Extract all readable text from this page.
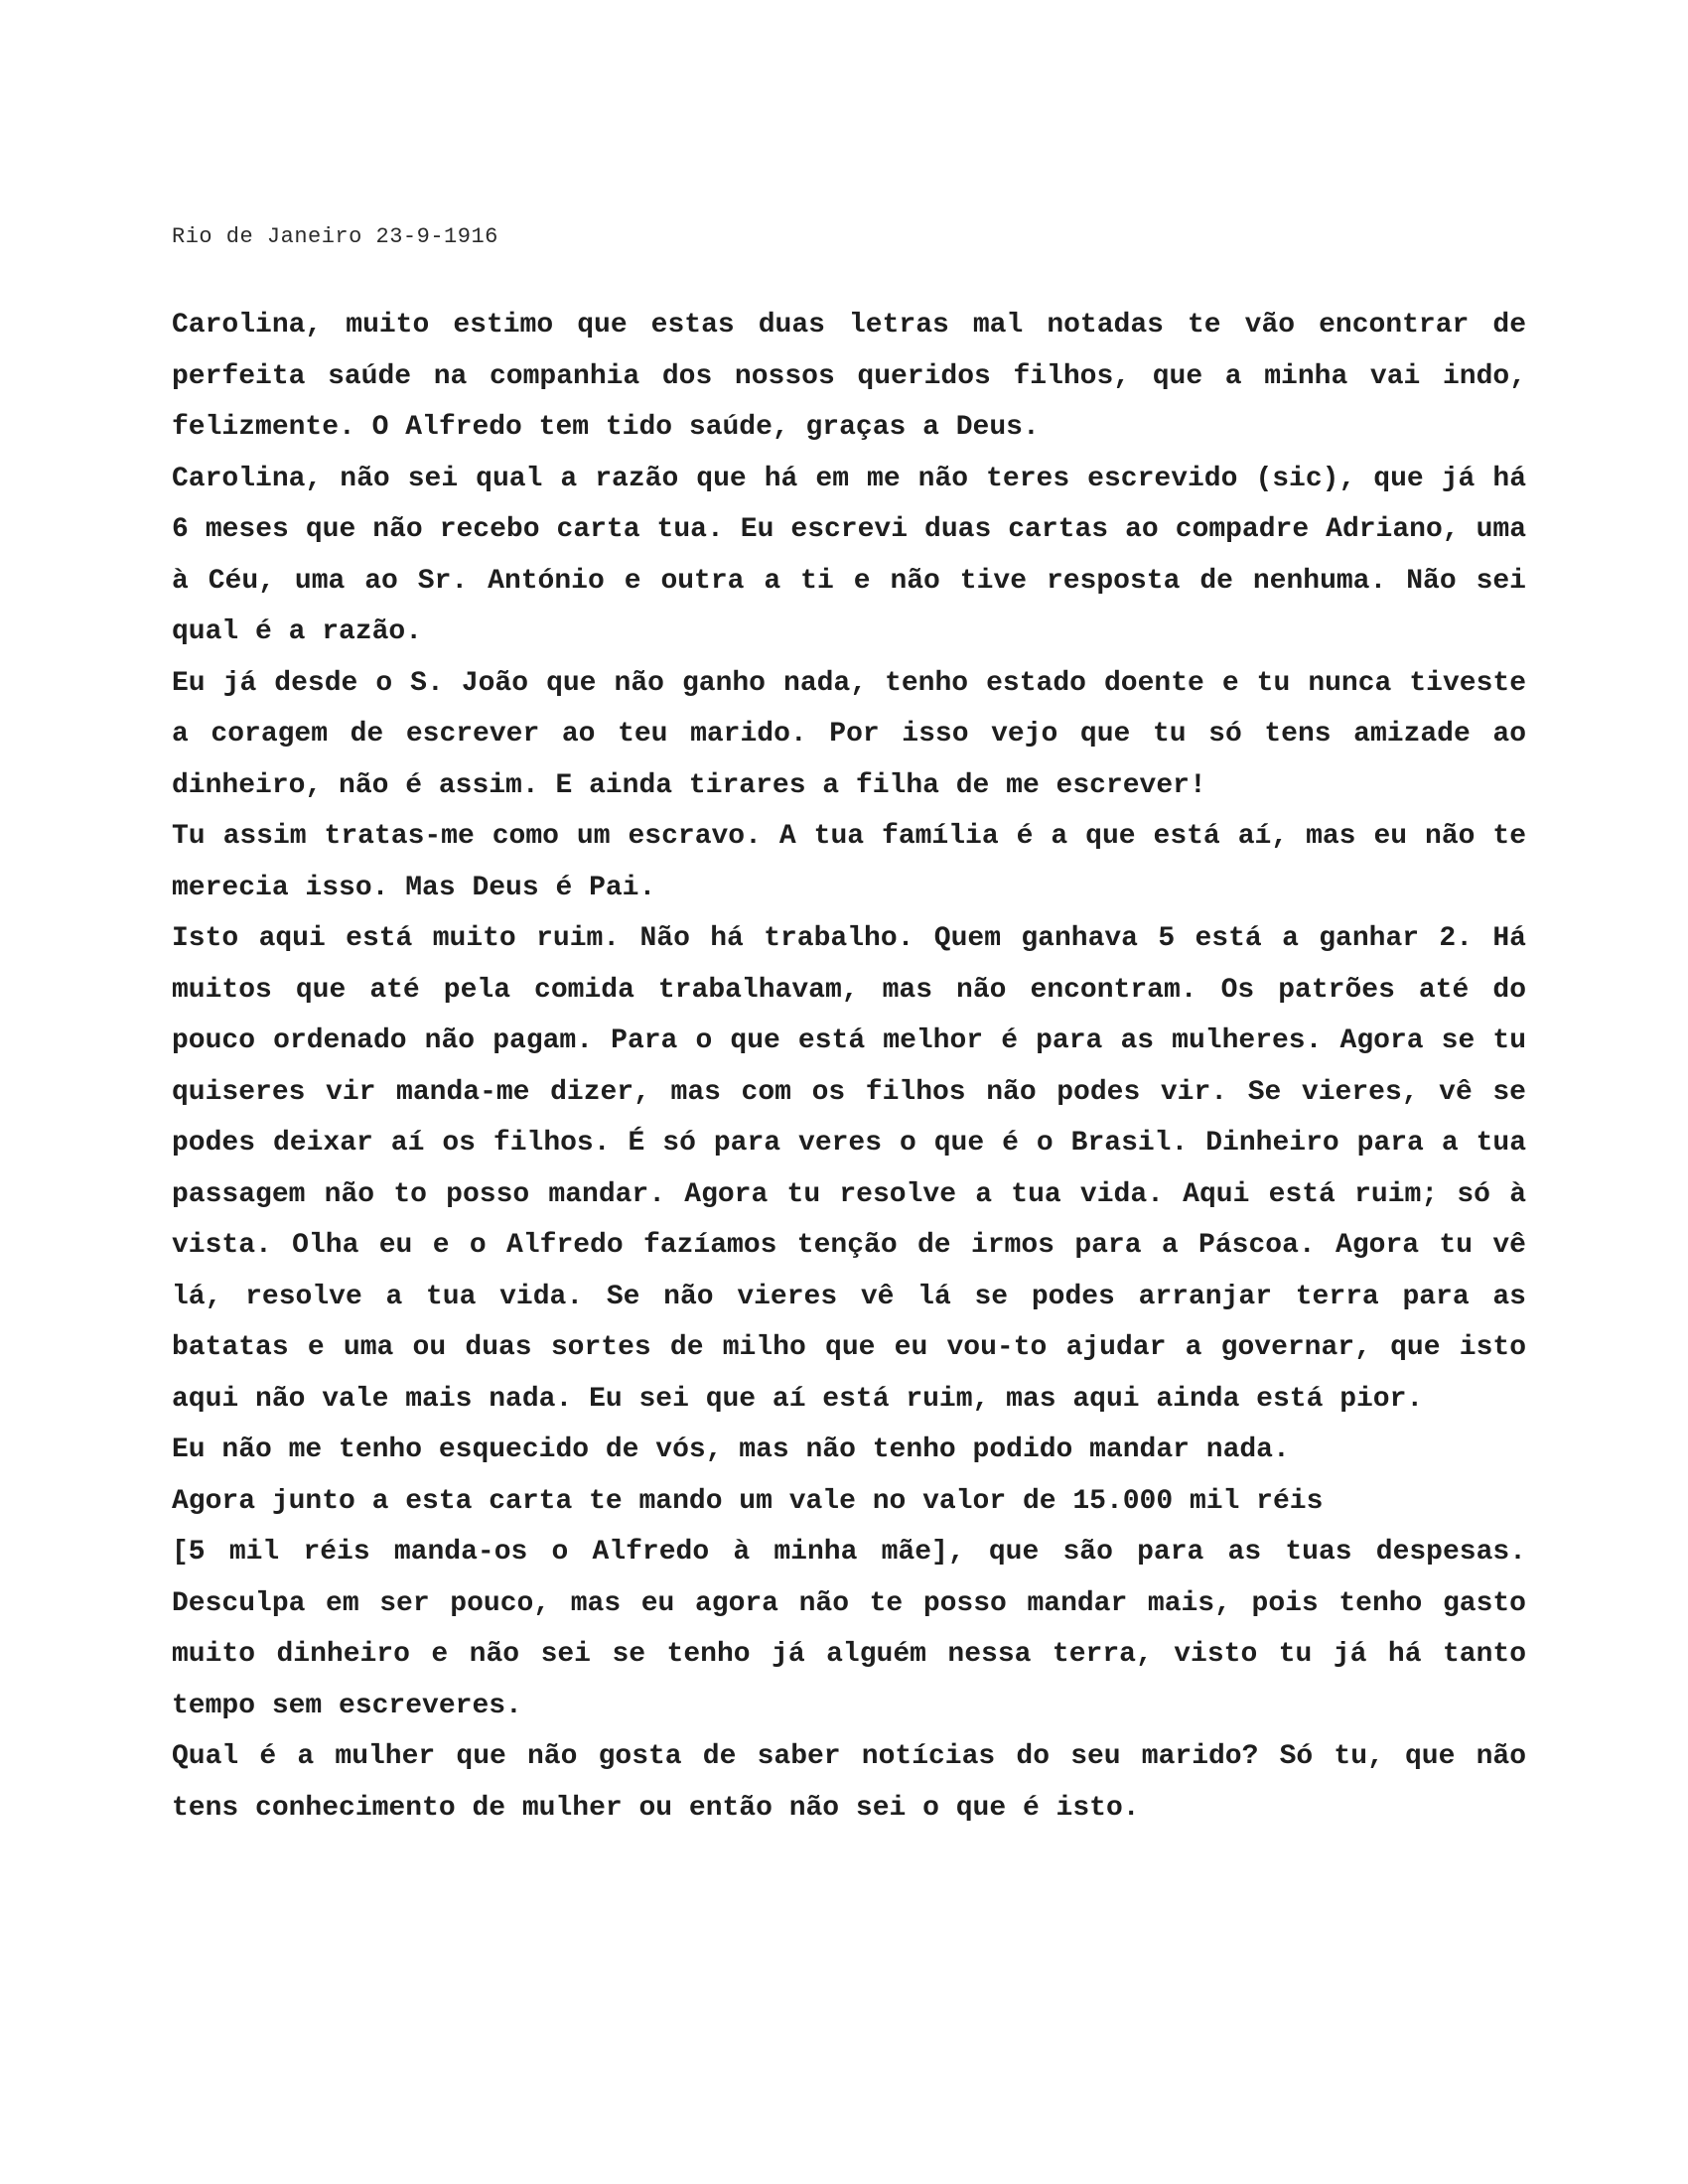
Rio de Janeiro 23-9-1916

Carolina, muito estimo que estas duas letras mal notadas te vão encontrar de perfeita saúde na companhia dos nossos queridos filhos, que a minha vai indo, felizmente. O Alfredo tem tido saúde, graças a Deus.

Carolina, não sei qual a razão que há em me não teres escrevido (sic), que já há 6 meses que não recebo carta tua. Eu escrevi duas cartas ao compadre Adriano, uma à Céu, uma ao Sr. António e outra a ti e não tive resposta de nenhuma. Não sei qual é a razão.

Eu já desde o S. João que não ganho nada, tenho estado doente e tu nunca tiveste a coragem de escrever ao teu marido. Por isso vejo que tu só tens amizade ao dinheiro, não é assim. E ainda tirares a filha de me escrever!

Tu assim tratas-me como um escravo. A tua família é a que está aí, mas eu não te merecia isso. Mas Deus é Pai.

Isto aqui está muito ruim. Não há trabalho. Quem ganhava 5 está a ganhar 2. Há muitos que até pela comida trabalhavam, mas não encontram. Os patrões até do pouco ordenado não pagam. Para o que está melhor é para as mulheres. Agora se tu quiseres vir manda-me dizer, mas com os filhos não podes vir. Se vieres, vê se podes deixar aí os filhos. É só para veres o que é o Brasil. Dinheiro para a tua passagem não to posso mandar. Agora tu resolve a tua vida. Aqui está ruim; só à vista. Olha eu e o Alfredo fazíamos tenção de irmos para a Páscoa. Agora tu vê lá, resolve a tua vida. Se não vieres vê lá se podes arranjar terra para as batatas e uma ou duas sortes de milho que eu vou-to ajudar a governar, que isto aqui não vale mais nada. Eu sei que aí está ruim, mas aqui ainda está pior.

Eu não me tenho esquecido de vós, mas não tenho podido mandar nada.

Agora junto a esta carta te mando um vale no valor de 15.000 mil réis

[5 mil réis manda-os o Alfredo à minha mãe], que são para as tuas despesas. Desculpa em ser pouco, mas eu agora não te posso mandar mais, pois tenho gasto muito dinheiro e não sei se tenho já alguém nessa terra, visto tu já há tanto tempo sem escreveres.

Qual é a mulher que não gosta de saber notícias do seu marido? Só tu, que não tens conhecimento de mulher ou então não sei o que é isto.
